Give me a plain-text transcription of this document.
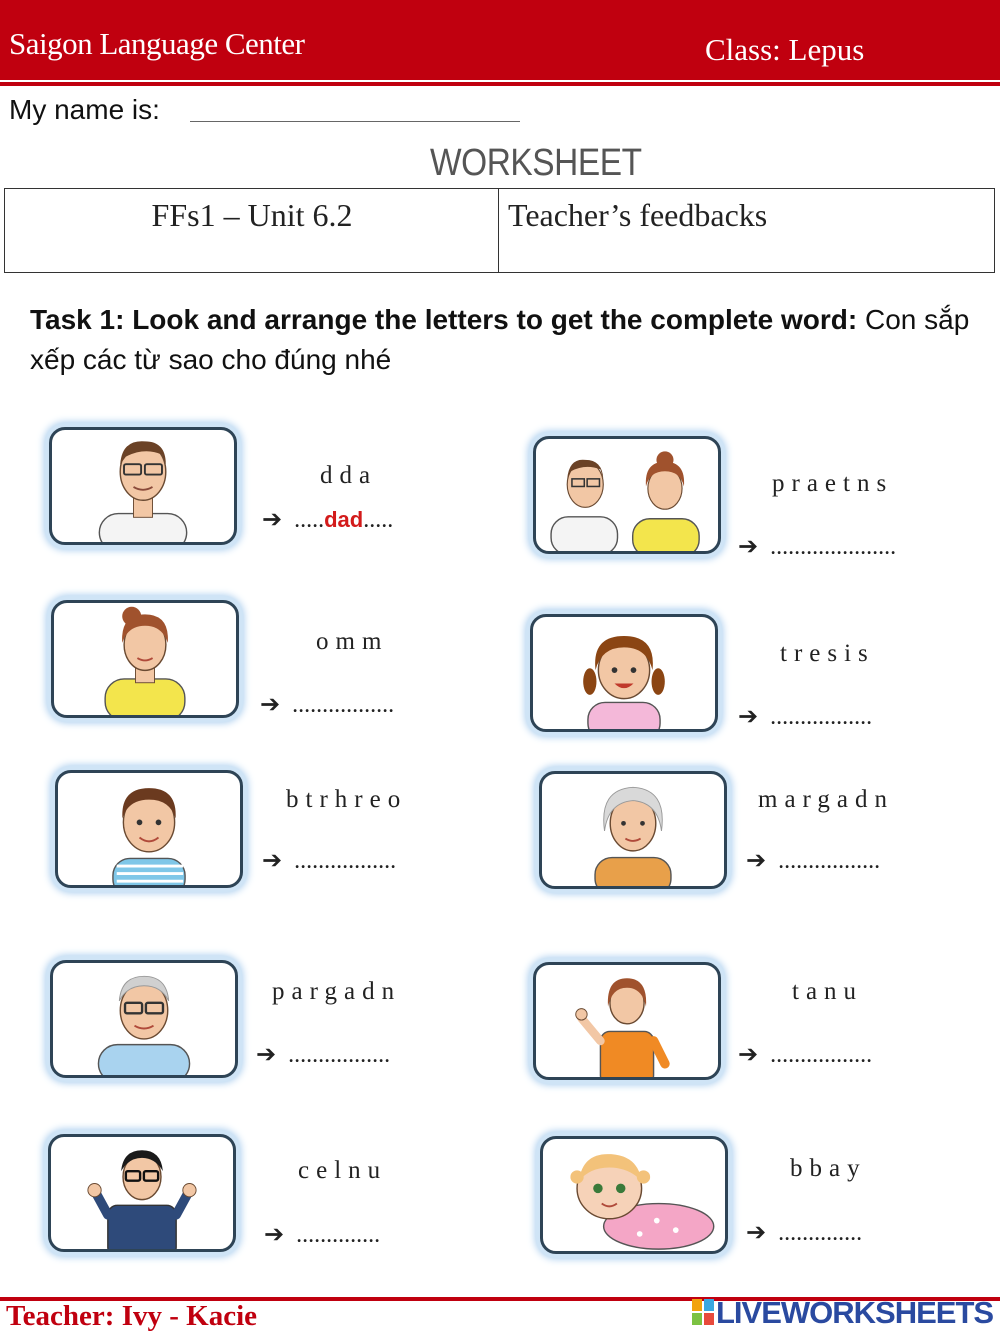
Saigon Language Center	Class: Lepus
My name is:
WORKSHEET
FFs1 – Unit 6.2	Teacher’s feedbacks
Task 1: Look and arrange the letters to get the complete word: Con sắp xếp các từ sao cho đúng nhé
dda
➔ .....dad.....
praetns
➔ .....................
omm
➔ .................
tresis
➔ .................
btrhreo
➔ .................
margadn
➔ .................
pargadn
➔ .................
tanu
➔ .................
celnu
➔ ..............
bbay
➔ ..............
Teacher: Ivy - Kacie	LIVEWORKSHEETS
